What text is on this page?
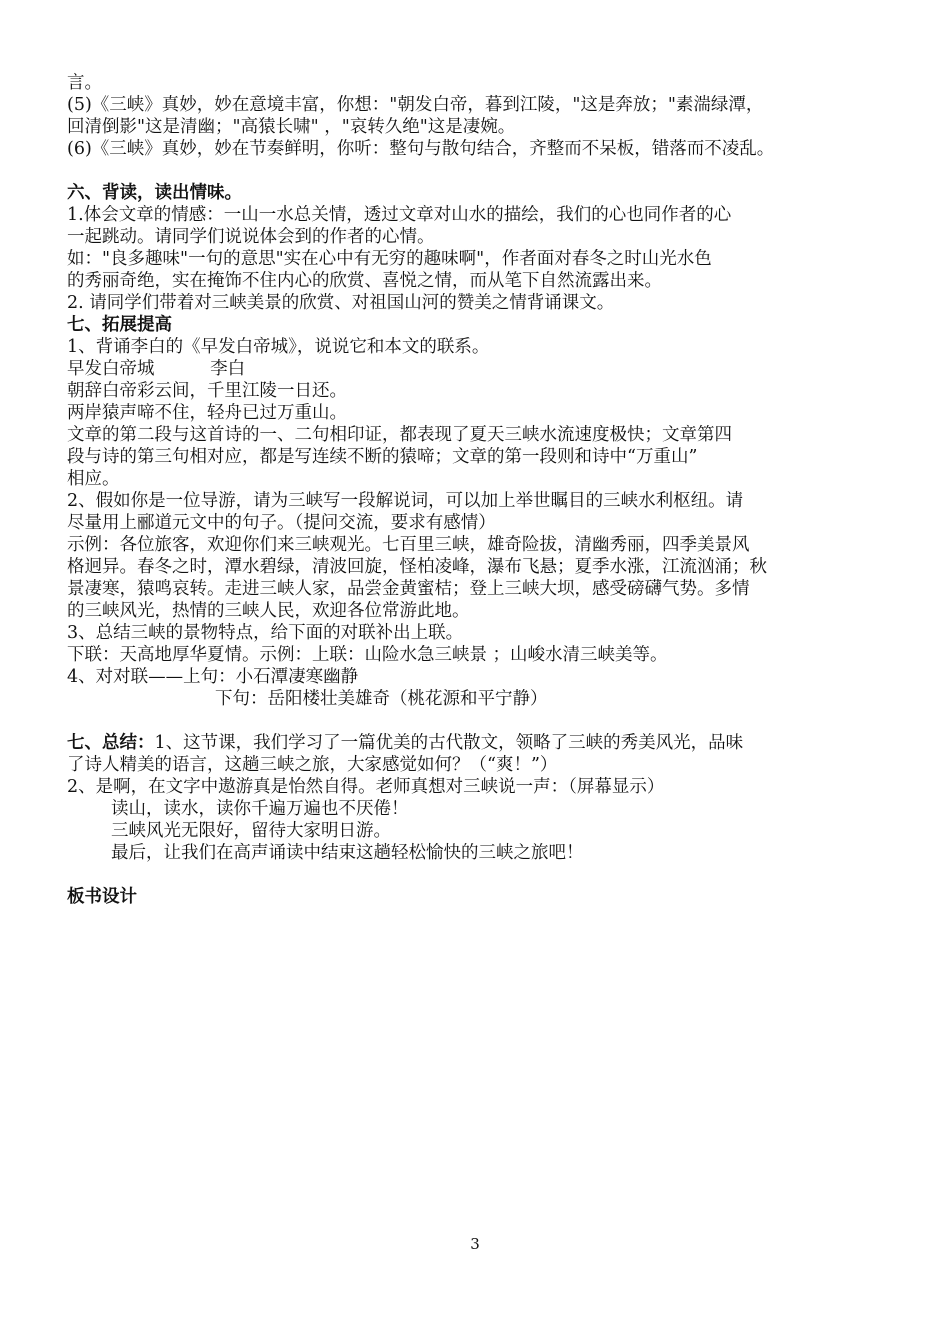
言。
(5)《三峡》真妙，妙在意境丰富，你想："朝发白帝，暮到江陵，"这是奔放；"素湍绿潭，
回清倒影"这是清幽；"高猿长啸" ，"哀转久绝"这是凄婉。
(6)《三峡》真妙，妙在节奏鲜明，你听：整句与散句结合，齐整而不呆板，错落而不凌乱。
六、背读，读出情味。
1.体会文章的情感：一山一水总关情，透过文章对山水的描绘，我们的心也同作者的心
一起跳动。请同学们说说体会到的作者的心情。
如："良多趣味"一句的意思"实在心中有无穷的趣味啊"，作者面对春冬之时山光水色
的秀丽奇绝，实在掩饰不住内心的欣赏、喜悦之情，而从笔下自然流露出来。
2. 请同学们带着对三峡美景的欣赏、对祖国山河的赞美之情背诵课文。
七、拓展提高
1、背诵李白的《早发白帝城》，说说它和本文的联系。
早发白帝城          李白
朝辞白帝彩云间，千里江陵一日还。
两岸猿声啼不住，轻舟已过万重山。
文章的第二段与这首诗的一、二句相印证，都表现了夏天三峡水流速度极快；文章第四
段与诗的第三句相对应，都是写连续不断的猿啼；文章的第一段则和诗中“万重山”
相应。
2、假如你是一位导游，请为三峡写一段解说词，可以加上举世瞩目的三峡水利枢纽。请
尽量用上郦道元文中的句子。（提问交流，要求有感情）
示例：各位旅客，欢迎你们来三峡观光。七百里三峡，雄奇险拔，清幽秀丽，四季美景风
格迥异。春冬之时，潭水碧绿，清波回旋，怪柏凌峰，瀑布飞悬；夏季水涨，江流汹涌；秋
景凄寒，猿鸣哀转。走进三峡人家，品尝金黄蜜桔；登上三峡大坝，感受磅礴气势。多情
的三峡风光，热情的三峡人民，欢迎各位常游此地。
3、总结三峡的景物特点，给下面的对联补出上联。
下联：天高地厚华夏情。示例：上联：山险水急三峡景 ；山峻水清三峡美等。
4、对对联——上句：小石潭凄寒幽静
下句：岳阳楼壮美雄奇（桃花源和平宁静）
七、总结：1、这节课，我们学习了一篇优美的古代散文，领略了三峡的秀美风光，品味
了诗人精美的语言，这趟三峡之旅，大家感觉如何？（“爽！”）
2、是啊，在文字中遨游真是怡然自得。老师真想对三峡说一声：（屏幕显示）
读山，读水，读你千遍万遍也不厌倦！
三峡风光无限好，留待大家明日游。
最后，让我们在高声诵读中结束这趟轻松愉快的三峡之旅吧！
板书设计
3
